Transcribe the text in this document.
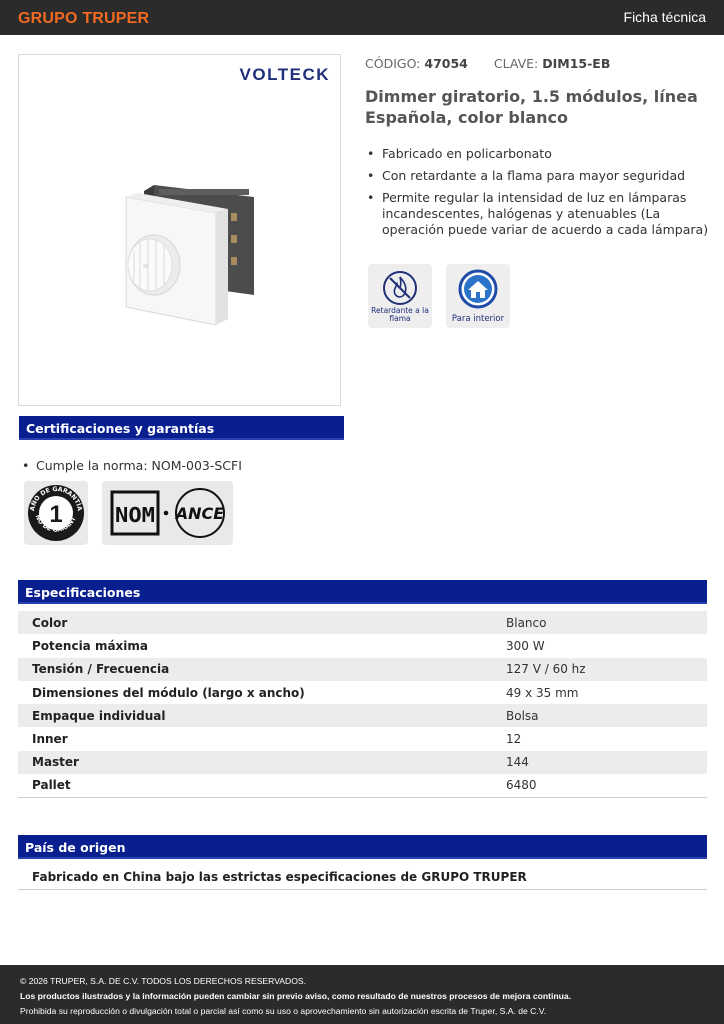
GRUPO TRUPER	Ficha técnica
VOLTECK
☼
CÓDIGO: 47054 CLAVE: DIM15-EB
Dimmer giratorio, 1.5 módulos, línea Española, color blanco
• Fabricado en policarbonato
• Con retardante a la flama para mayor seguridad
• Permite regular la intensidad de luz en lámparas incandescentes, halógenas y atenuables (La operación puede variar de acuerdo a cada lámpara)
Retardante a la flama	Para interior
Certificaciones y garantías
• Cumple la norma: NOM-003-SCFI
AÑO DE GARANTÍA
ÑO DE GARANT
1	NOM ANCE
Especificaciones
Color	Blanco
Potencia máxima	300 W
Tensión / Frecuencia	127 V / 60 hz
Dimensiones del módulo (largo x ancho)	49 x 35 mm
Empaque individual	Bolsa
Inner	12
Master	144
Pallet	6480
País de origen
Fabricado en China bajo las estrictas especificaciones de GRUPO TRUPER
© 2026 TRUPER, S.A. DE C.V. TODOS LOS DERECHOS RESERVADOS.
Los productos ilustrados y la información pueden cambiar sin previo aviso, como resultado de nuestros procesos de mejora continua.
Prohibida su reproducción o divulgación total o parcial así como su uso o aprovechamiento sin autorización escrita de Truper, S.A. de C.V.
